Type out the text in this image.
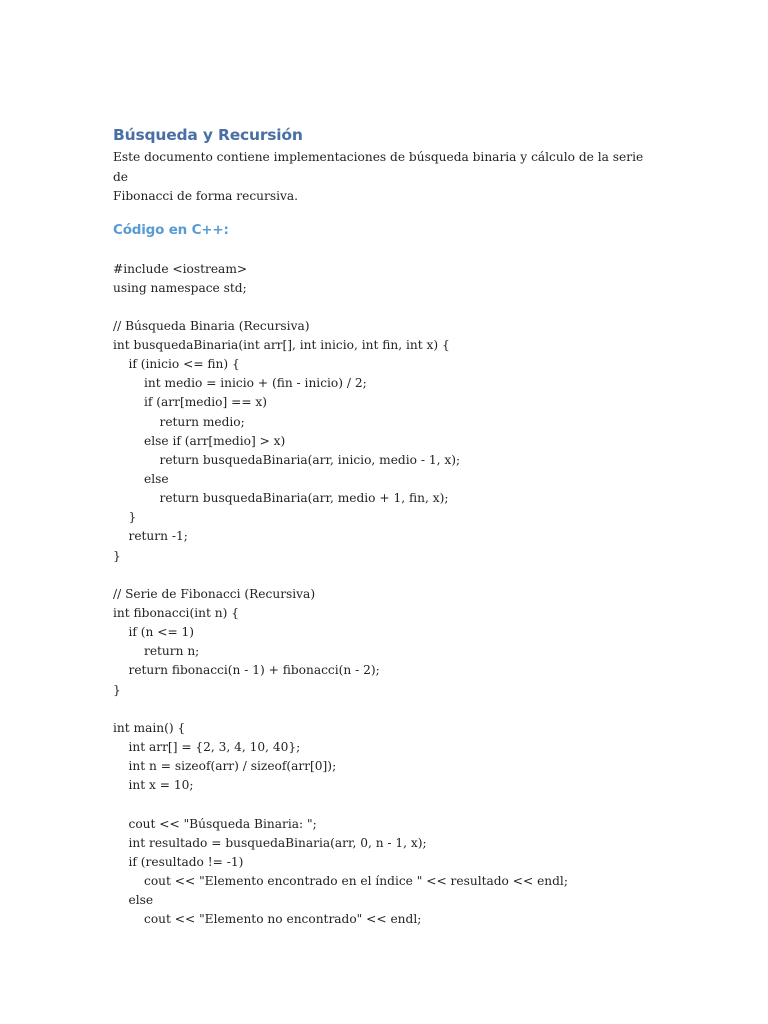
Búsqueda y Recursión

Este documento contiene implementaciones de búsqueda binaria y cálculo de la serie de
Fibonacci de forma recursiva.

Código en C++:
#include <iostream>
using namespace std;
// Búsqueda Binaria (Recursiva)
int busquedaBinaria(int arr[], int inicio, int fin, int x) {
if (inicio <= fin) {
int medio = inicio + (fin - inicio) / 2;
if (arr[medio] == x)
return medio;
else if (arr[medio] > x)
return busquedaBinaria(arr, inicio, medio - 1, x);
else
return busquedaBinaria(arr, medio + 1, fin, x);
}
return -1;
}
// Serie de Fibonacci (Recursiva)
int fibonacci(int n) {
if (n <= 1)
return n;
return fibonacci(n - 1) + fibonacci(n - 2);
}
int main() {
int arr[] = {2, 3, 4, 10, 40};
int n = sizeof(arr) / sizeof(arr[0]);
int x = 10;
cout << "Búsqueda Binaria: ";
int resultado = busquedaBinaria(arr, 0, n - 1, x);
if (resultado != -1)
cout << "Elemento encontrado en el índice " << resultado << endl;
else
cout << "Elemento no encontrado" << endl;
